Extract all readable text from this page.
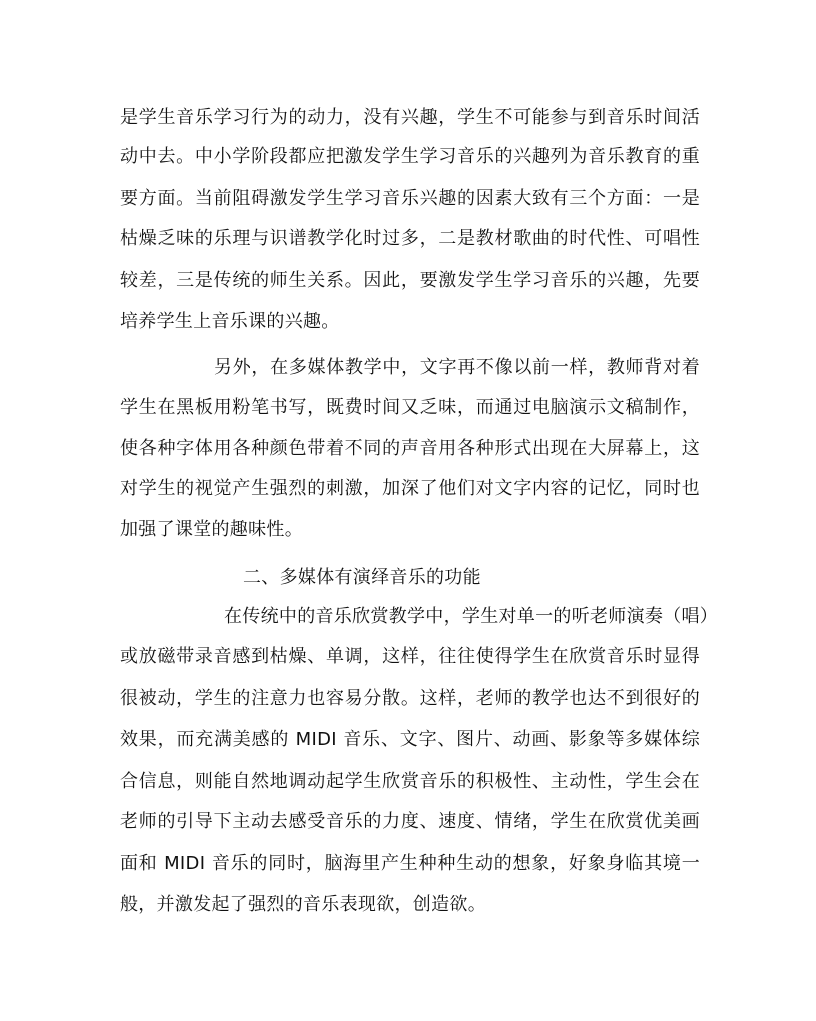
是学生音乐学习行为的动力，没有兴趣，学生不可能参与到音乐时间活
动中去。中小学阶段都应把激发学生学习音乐的兴趣列为音乐教育的重
要方面。当前阻碍激发学生学习音乐兴趣的因素大致有三个方面：一是
枯燥乏味的乐理与识谱教学化时过多，二是教材歌曲的时代性、可唱性
较差，三是传统的师生关系。因此，要激发学生学习音乐的兴趣，先要
培养学生上音乐课的兴趣。
另外，在多媒体教学中，文字再不像以前一样，教师背对着
学生在黑板用粉笔书写，既费时间又乏味，而通过电脑演示文稿制作，
使各种字体用各种颜色带着不同的声音用各种形式出现在大屏幕上，这
对学生的视觉产生强烈的刺激，加深了他们对文字内容的记忆，同时也
加强了课堂的趣味性。
二、多媒体有演绎音乐的功能
在传统中的音乐欣赏教学中，学生对单一的听老师演奏（唱）
或放磁带录音感到枯燥、单调，这样，往往使得学生在欣赏音乐时显得
很被动，学生的注意力也容易分散。这样，老师的教学也达不到很好的
效果，而充满美感的 MIDI 音乐、文字、图片、动画、影象等多媒体综
合信息，则能自然地调动起学生欣赏音乐的积极性、主动性，学生会在
老师的引导下主动去感受音乐的力度、速度、情绪，学生在欣赏优美画
面和 MIDI 音乐的同时，脑海里产生种种生动的想象，好象身临其境一
般，并激发起了强烈的音乐表现欲，创造欲。
